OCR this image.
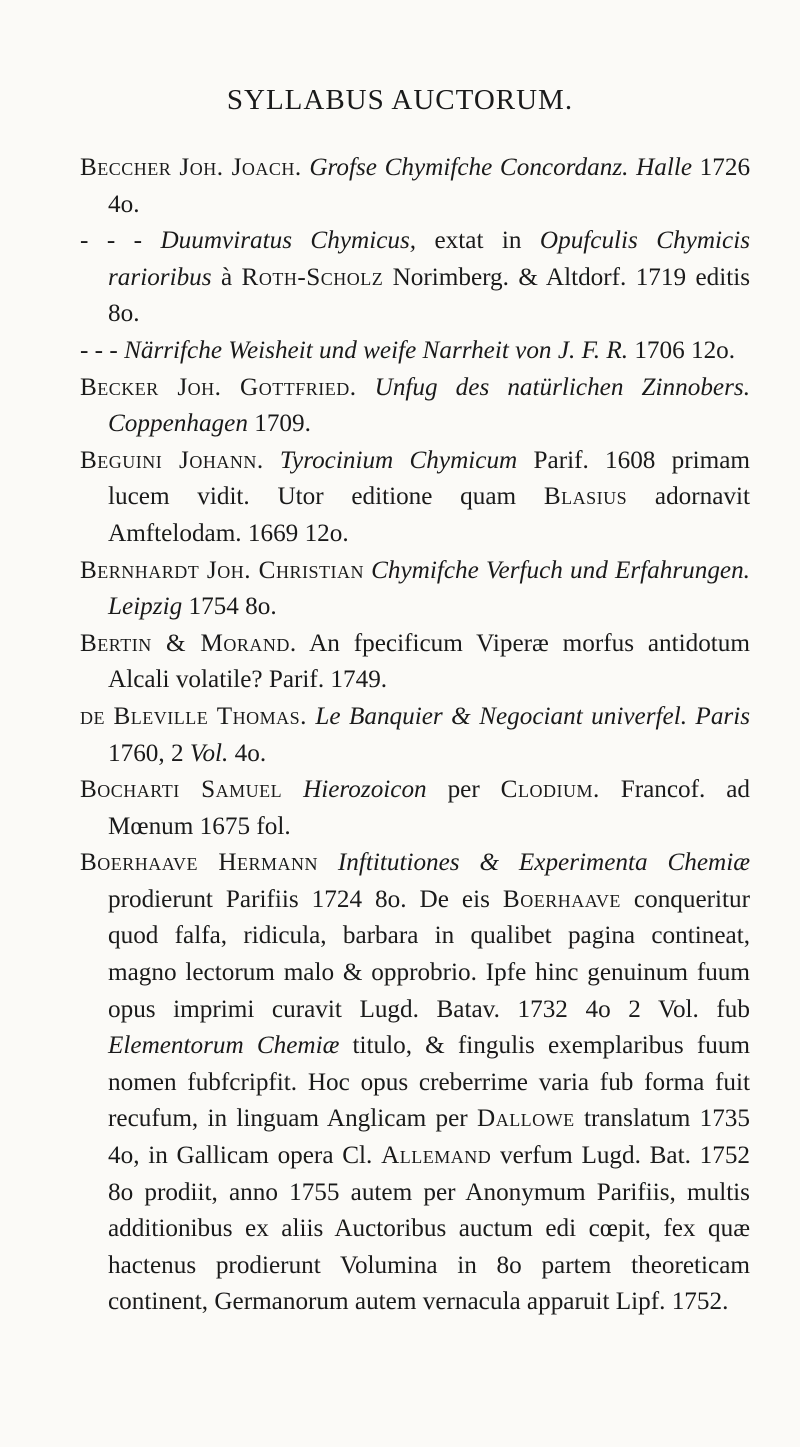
SYLLABUS AUCTORUM.

Beccher Joh. Joach. Grofse Chymifche Concordanz. Halle 1726 4o.

- - - Duumviratus Chymicus, extat in Opufculis Chymicis rarioribus à Roth-Scholz Norimberg. & Altdorf. 1719 editis 8o.

- - - Närrifche Weisheit und weife Narrheit von J. F. R. 1706 12o.

Becker Joh. Gottfried. Unfug des natürlichen Zinnobers. Coppenhagen 1709.

Beguini Johann. Tyrocinium Chymicum Parif. 1608 primam lucem vidit. Utor editione quam Blasius adornavit Amftelodam. 1669 12o.

Bernhardt Joh. Christian Chymifche Verfuch und Erfahrungen. Leipzig 1754 8o.

Bertin & Morand. An fpecificum Viperæ morfus antidotum Alcali volatile? Parif. 1749.

de Bleville Thomas. Le Banquier & Negociant univerfel. Paris 1760, 2 Vol. 4o.

Bocharti Samuel Hierozoicon per Clodium. Francof. ad Mœnum 1675 fol.

Boerhaave Hermann Inftitutiones & Experimenta Chemiæ prodierunt Parifiis 1724 8o. De eis Boerhaave conqueritur quod falfa, ridicula, barbara in qualibet pagina contineat, magno lectorum malo & opprobrio. Ipfe hinc genuinum fuum opus imprimi curavit Lugd. Batav. 1732 4o 2 Vol. fub Elementorum Chemiæ titulo, & fingulis exemplaribus fuum nomen fubfcripfit. Hoc opus creberrime varia fub forma fuit recufum, in linguam Anglicam per Dallowe translatum 1735 4o, in Gallicam opera Cl. Allemand verfum Lugd. Bat. 1752 8o prodiit, anno 1755 autem per Anonymum Parifiis, multis additionibus ex aliis Auctoribus auctum edi cœpit, fex quæ hactenus prodierunt Volumina in 8o partem theoreticam continent, Germanorum autem vernacula apparuit Lipf. 1752.
